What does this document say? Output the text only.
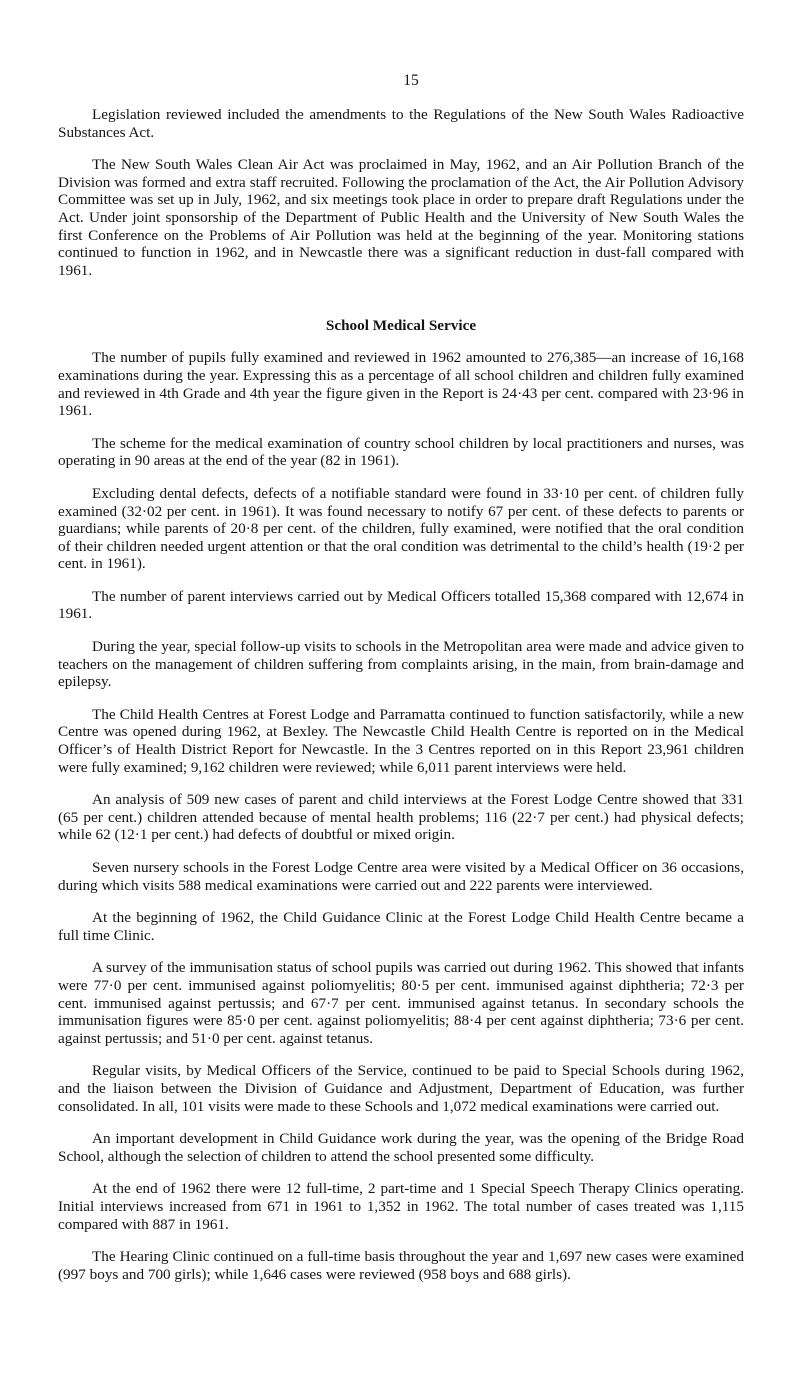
15

Legislation reviewed included the amendments to the Regulations of the New South Wales Radioactive Substances Act.

The New South Wales Clean Air Act was proclaimed in May, 1962, and an Air Pollution Branch of the Division was formed and extra staff recruited. Following the proclamation of the Act, the Air Pollution Advisory Committee was set up in July, 1962, and six meetings took place in order to prepare draft Regulations under the Act. Under joint sponsorship of the Department of Public Health and the University of New South Wales the first Conference on the Problems of Air Pollution was held at the beginning of the year. Monitoring stations continued to function in 1962, and in Newcastle there was a significant reduction in dust-fall compared with 1961.

School Medical Service

The number of pupils fully examined and reviewed in 1962 amounted to 276,385—an increase of 16,168 examinations during the year. Expressing this as a percentage of all school children and children fully examined and reviewed in 4th Grade and 4th year the figure given in the Report is 24·43 per cent. compared with 23·96 in 1961.

The scheme for the medical examination of country school children by local practitioners and nurses, was operating in 90 areas at the end of the year (82 in 1961).

Excluding dental defects, defects of a notifiable standard were found in 33·10 per cent. of children fully examined (32·02 per cent. in 1961). It was found necessary to notify 67 per cent. of these defects to parents or guardians; while parents of 20·8 per cent. of the children, fully examined, were notified that the oral condition of their children needed urgent attention or that the oral condition was detrimental to the child’s health (19·2 per cent. in 1961).

The number of parent interviews carried out by Medical Officers totalled 15,368 compared with 12,674 in 1961.

During the year, special follow-up visits to schools in the Metropolitan area were made and advice given to teachers on the management of children suffering from complaints arising, in the main, from brain-damage and epilepsy.

The Child Health Centres at Forest Lodge and Parramatta continued to function satisfactorily, while a new Centre was opened during 1962, at Bexley. The Newcastle Child Health Centre is reported on in the Medical Officer’s of Health District Report for Newcastle. In the 3 Centres reported on in this Report 23,961 children were fully examined; 9,162 children were reviewed; while 6,011 parent interviews were held.

An analysis of 509 new cases of parent and child interviews at the Forest Lodge Centre showed that 331 (65 per cent.) children attended because of mental health problems; 116 (22·7 per cent.) had physical defects; while 62 (12·1 per cent.) had defects of doubtful or mixed origin.

Seven nursery schools in the Forest Lodge Centre area were visited by a Medical Officer on 36 occasions, during which visits 588 medical examinations were carried out and 222 parents were interviewed.

At the beginning of 1962, the Child Guidance Clinic at the Forest Lodge Child Health Centre became a full time Clinic.

A survey of the immunisation status of school pupils was carried out during 1962. This showed that infants were 77·0 per cent. immunised against poliomyelitis; 80·5 per cent. immunised against diphtheria; 72·3 per cent. immunised against pertussis; and 67·7 per cent. immunised against tetanus. In secondary schools the immunisation figures were 85·0 per cent. against poliomyelitis; 88·4 per cent against diphtheria; 73·6 per cent. against pertussis; and 51·0 per cent. against tetanus.

Regular visits, by Medical Officers of the Service, continued to be paid to Special Schools during 1962, and the liaison between the Division of Guidance and Adjustment, Department of Education, was further consolidated. In all, 101 visits were made to these Schools and 1,072 medical examinations were carried out.

An important development in Child Guidance work during the year, was the opening of the Bridge Road School, although the selection of children to attend the school presented some difficulty.

At the end of 1962 there were 12 full-time, 2 part-time and 1 Special Speech Therapy Clinics operating. Initial interviews increased from 671 in 1961 to 1,352 in 1962. The total number of cases treated was 1,115 compared with 887 in 1961.

The Hearing Clinic continued on a full-time basis throughout the year and 1,697 new cases were examined (997 boys and 700 girls); while 1,646 cases were reviewed (958 boys and 688 girls).
